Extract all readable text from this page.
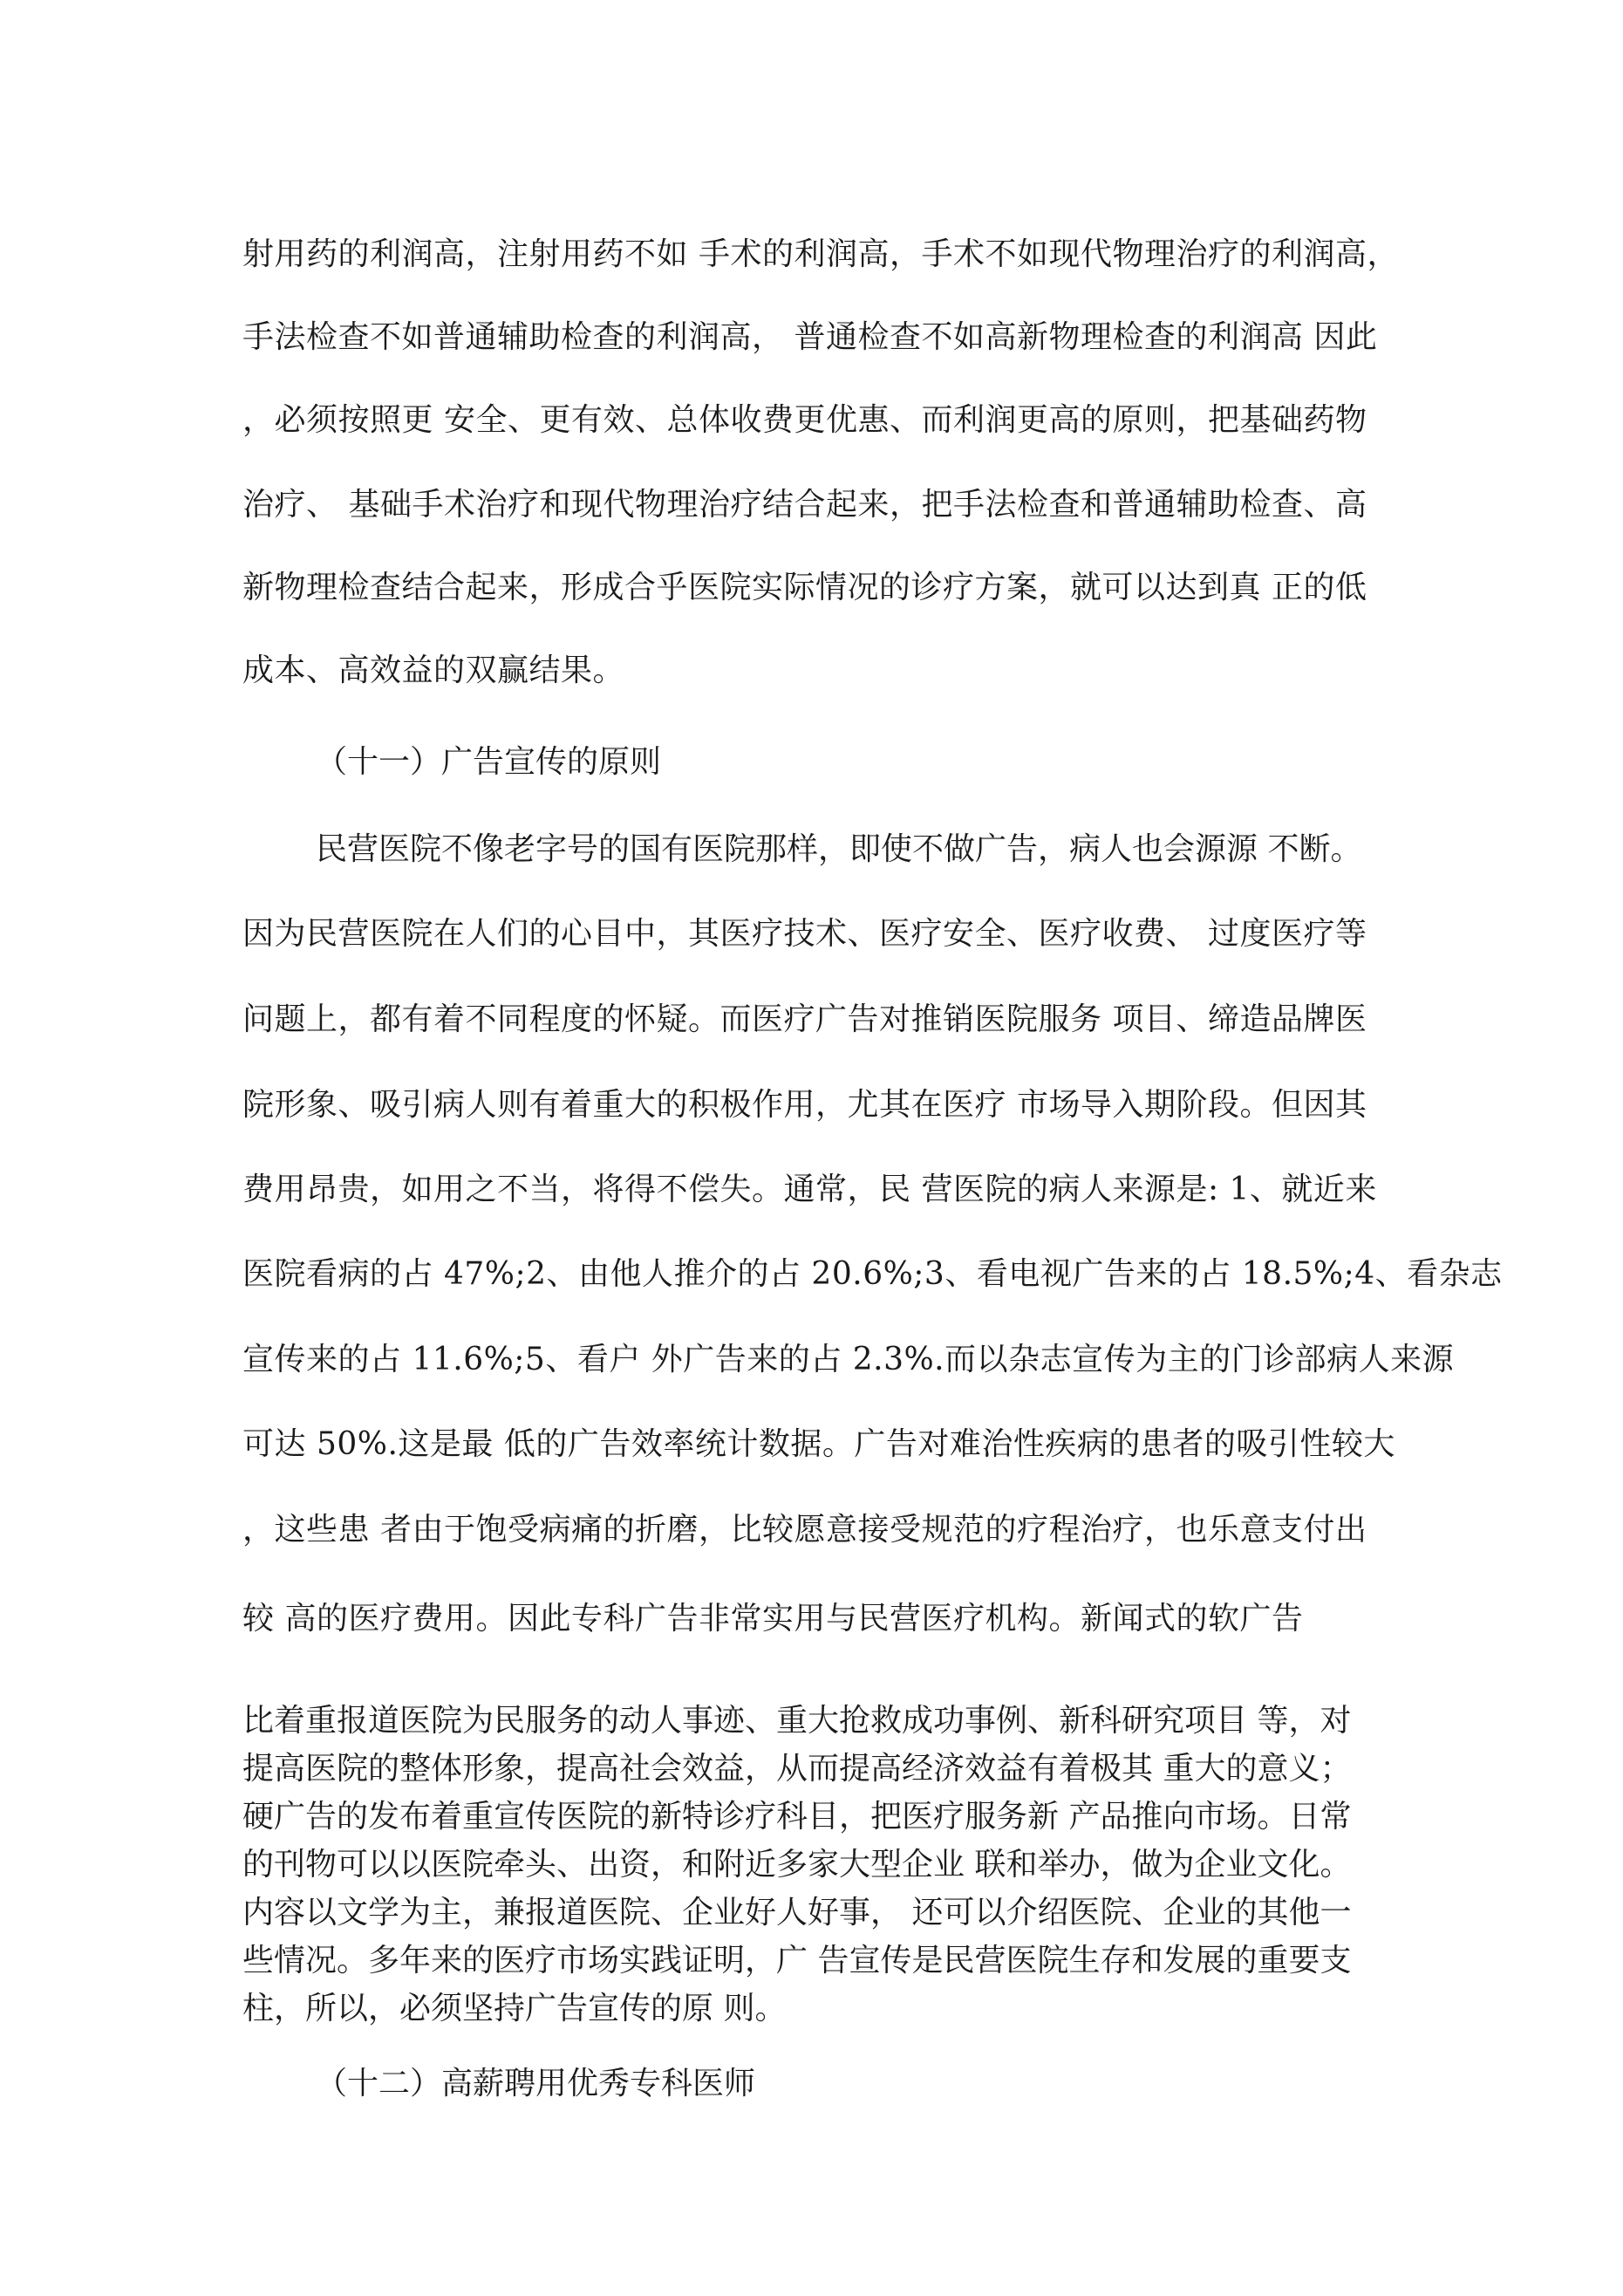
射用药的利润高，注射用药不如 手术的利润高，手术不如现代物理治疗的利润高，
手法检查不如普通辅助检查的利润高， 普通检查不如高新物理检查的利润高 因此
，必须按照更 安全、更有效、总体收费更优惠、而利润更高的原则，把基础药物
治疗、 基础手术治疗和现代物理治疗结合起来，把手法检查和普通辅助检查、高
新物理检查结合起来，形成合乎医院实际情况的诊疗方案，就可以达到真 正的低
成本、高效益的双赢结果。
（十一）广告宣传的原则
民营医院不像老字号的国有医院那样，即使不做广告，病人也会源源 不断。
因为民营医院在人们的心目中，其医疗技术、医疗安全、医疗收费、 过度医疗等
问题上，都有着不同程度的怀疑。而医疗广告对推销医院服务 项目、缔造品牌医
院形象、吸引病人则有着重大的积极作用，尤其在医疗 市场导入期阶段。但因其
费用昂贵，如用之不当，将得不偿失。通常，民 营医院的病人来源是: 1、就近来
医院看病的占 47%;2、由他人推介的占 20.6%;3、看电视广告来的占 18.5%;4、看杂志
宣传来的占 11.6%;5、看户 外广告来的占 2.3%.而以杂志宣传为主的门诊部病人来源
可达 50%.这是最 低的广告效率统计数据。广告对难治性疾病的患者的吸引性较大
，这些患 者由于饱受病痛的折磨，比较愿意接受规范的疗程治疗，也乐意支付出
较 高的医疗费用。因此专科广告非常实用与民营医疗机构。新闻式的软广告
比着重报道医院为民服务的动人事迹、重大抢救成功事例、新科研究项目 等，对
提高医院的整体形象，提高社会效益，从而提高经济效益有着极其 重大的意义；
硬广告的发布着重宣传医院的新特诊疗科目，把医疗服务新 产品推向市场。日常
的刊物可以以医院牵头、出资，和附近多家大型企业 联和举办，做为企业文化。
内容以文学为主，兼报道医院、企业好人好事， 还可以介绍医院、企业的其他一
些情况。多年来的医疗市场实践证明，广 告宣传是民营医院生存和发展的重要支
柱，所以，必须坚持广告宣传的原 则。
（十二）高薪聘用优秀专科医师
